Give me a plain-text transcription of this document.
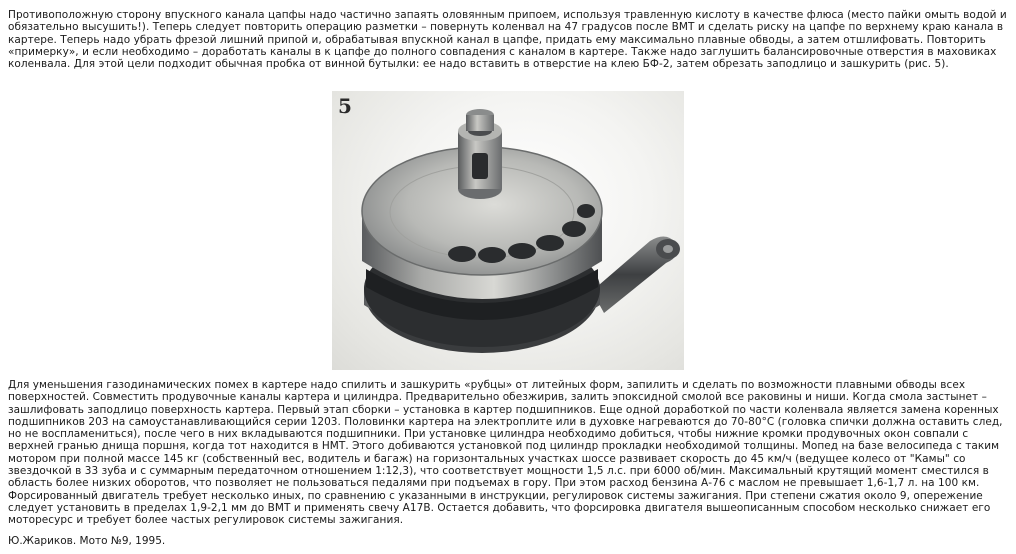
Противоположную сторону впускного канала цапфы надо частично запаять оловянным припоем, используя травленную кислоту в качестве флюса (место пайки омыть водой и обязательно высушить!). Теперь следует повторить операцию разметки – повернуть коленвал на 47 градусов после ВМТ и сделать риску на цапфе по верхнему краю канала в картере. Теперь надо убрать фрезой лишний припой и, обрабатывая впускной канал в цапфе, придать ему максимально плавные обводы, а затем отшлифовать. Повторить «примерку», и если необходимо – доработать каналы в к цапфе до полного совпадения с каналом в картере. Также надо заглушить балансировочные отверстия в маховиках коленвала. Для этой цели подходит обычная пробка от винной бутылки: ее надо вставить в отверстие на клею БФ-2, затем обрезать заподлицо и зашкурить (рис. 5).

5

Для уменьшения газодинамических помех в картере надо спилить и зашкурить «рубцы» от литейных форм, запилить и сделать по возможности плавными обводы всех поверхностей. Совместить продувочные каналы картера и цилиндра. Предварительно обезжирив, залить эпоксидной смолой все раковины и ниши. Когда смола застынет – зашлифовать заподлицо поверхность картера. Первый этап сборки – установка в картер подшипников. Еще одной доработкой по части коленвала является замена коренных подшипников 203 на самоустанавливающийся серии 1203. Половинки картера на электроплите или в духовке нагреваются до 70-80°С (головка спички должна оставить след, но не воспламениться), после чего в них вкладываются подшипники. При установке цилиндра необходимо добиться, чтобы нижние кромки продувочных окон совпали с верхней гранью днища поршня, когда тот находится в НМТ. Этого добиваются установкой под цилиндр прокладки необходимой толщины. Мопед на базе велосипеда с таким мотором при полной массе 145 кг (собственный вес, водитель и багаж) на горизонтальных участках шоссе развивает скорость до 45 км/ч (ведущее колесо от "Камы" со звездочкой в 33 зуба и с суммарным передаточном отношением 1:12,3), что соответствует мощности 1,5 л.с. при 6000 об/мин. Максимальный крутящий момент сместился в область более низких оборотов, что позволяет не пользоваться педалями при подъемах в гору. При этом расход бензина А-76 с маслом не превышает 1,6-1,7 л. на 100 км. Форсированный двигатель требует несколько иных, по сравнению с указанными в инструкции, регулировок системы зажигания. При степени сжатия около 9, опережение следует установить в пределах 1,9-2,1 мм до ВМТ и применять свечу А17В. Остается добавить, что форсировка двигателя вышеописанным способом несколько снижает его моторесурс и требует более частых регулировок системы зажигания.

Ю.Жариков. Мото №9, 1995.
